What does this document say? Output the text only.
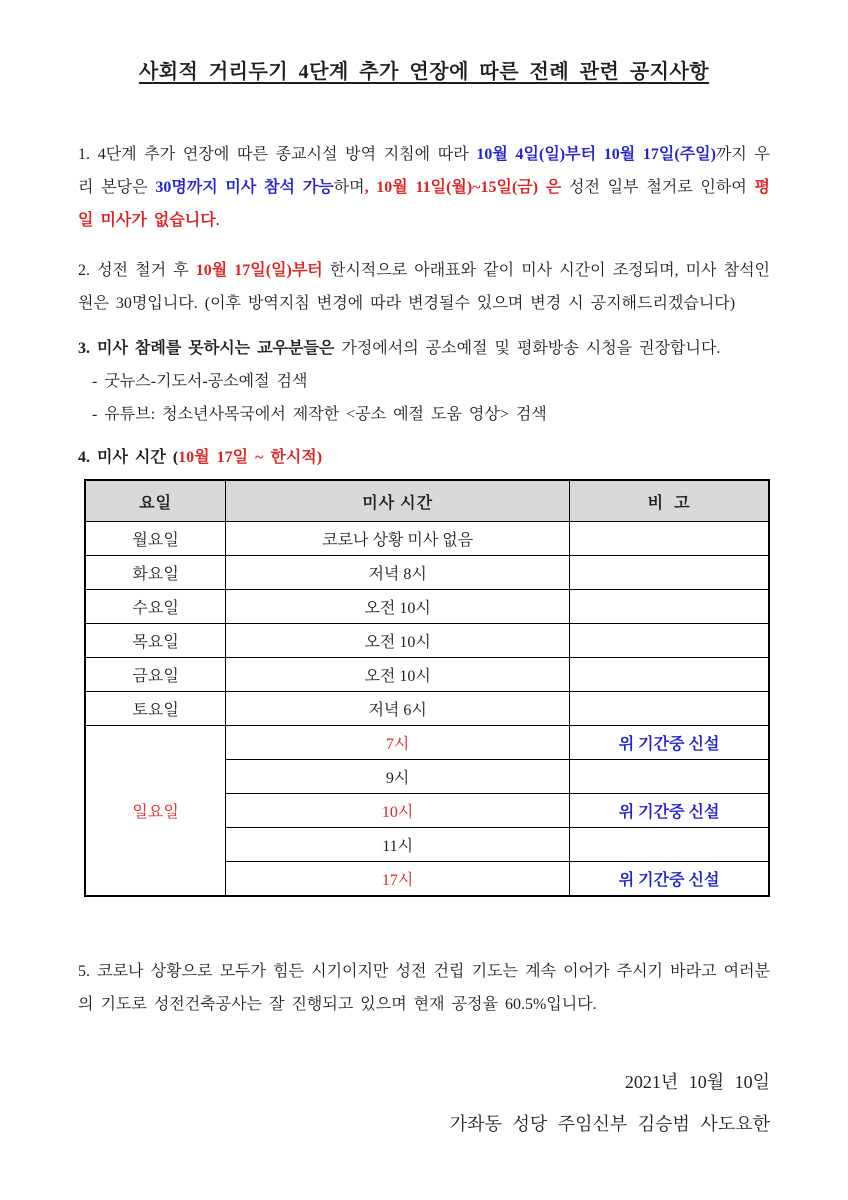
사회적 거리두기 4단계 추가 연장에 따른 전례 관련 공지사항
1. 4단계 추가 연장에 따른 종교시설 방역 지침에 따라 10월 4일(일)부터 10월 17일(주일)까지 우리 본당은 30명까지 미사 참석 가능하며, 10월 11일(월)~15일(금) 은 성전 일부 철거로 인하여 평일 미사가 없습니다.
2. 성전 철거 후 10월 17일(일)부터 한시적으로 아래표와 같이 미사 시간이 조정되며, 미사 참석인원은 30명입니다. (이후 방역지침 변경에 따라 변경될수 있으며 변경 시 공지해드리겠습니다)
3. 미사 참례를 못하시는 교우분들은 가정에서의 공소예절 및 평화방송 시청을 권장합니다.
- 굿뉴스-기도서-공소예절 검색
- 유튜브: 청소년사목국에서 제작한 <공소 예절 도움 영상> 검색
4. 미사 시간 (10월 17일 ~ 한시적)
요일	미사 시간	비  고
월요일	코로나 상황 미사 없음	
화요일	저녁 8시	
수요일	오전 10시	
목요일	오전 10시	
금요일	오전 10시	
토요일	저녁 6시	
일요일	7시	위 기간중 신설
	9시	
	10시	위 기간중 신설
	11시	
	17시	위 기간중 신설
5. 코로나 상황으로 모두가 힘든 시기이지만 성전 건립 기도는 계속 이어가 주시기 바라고 여러분의 기도로 성전건축공사는 잘 진행되고 있으며 현재 공정율 60.5%입니다.
2021년 10월 10일
가좌동 성당 주임신부 김승범 사도요한
